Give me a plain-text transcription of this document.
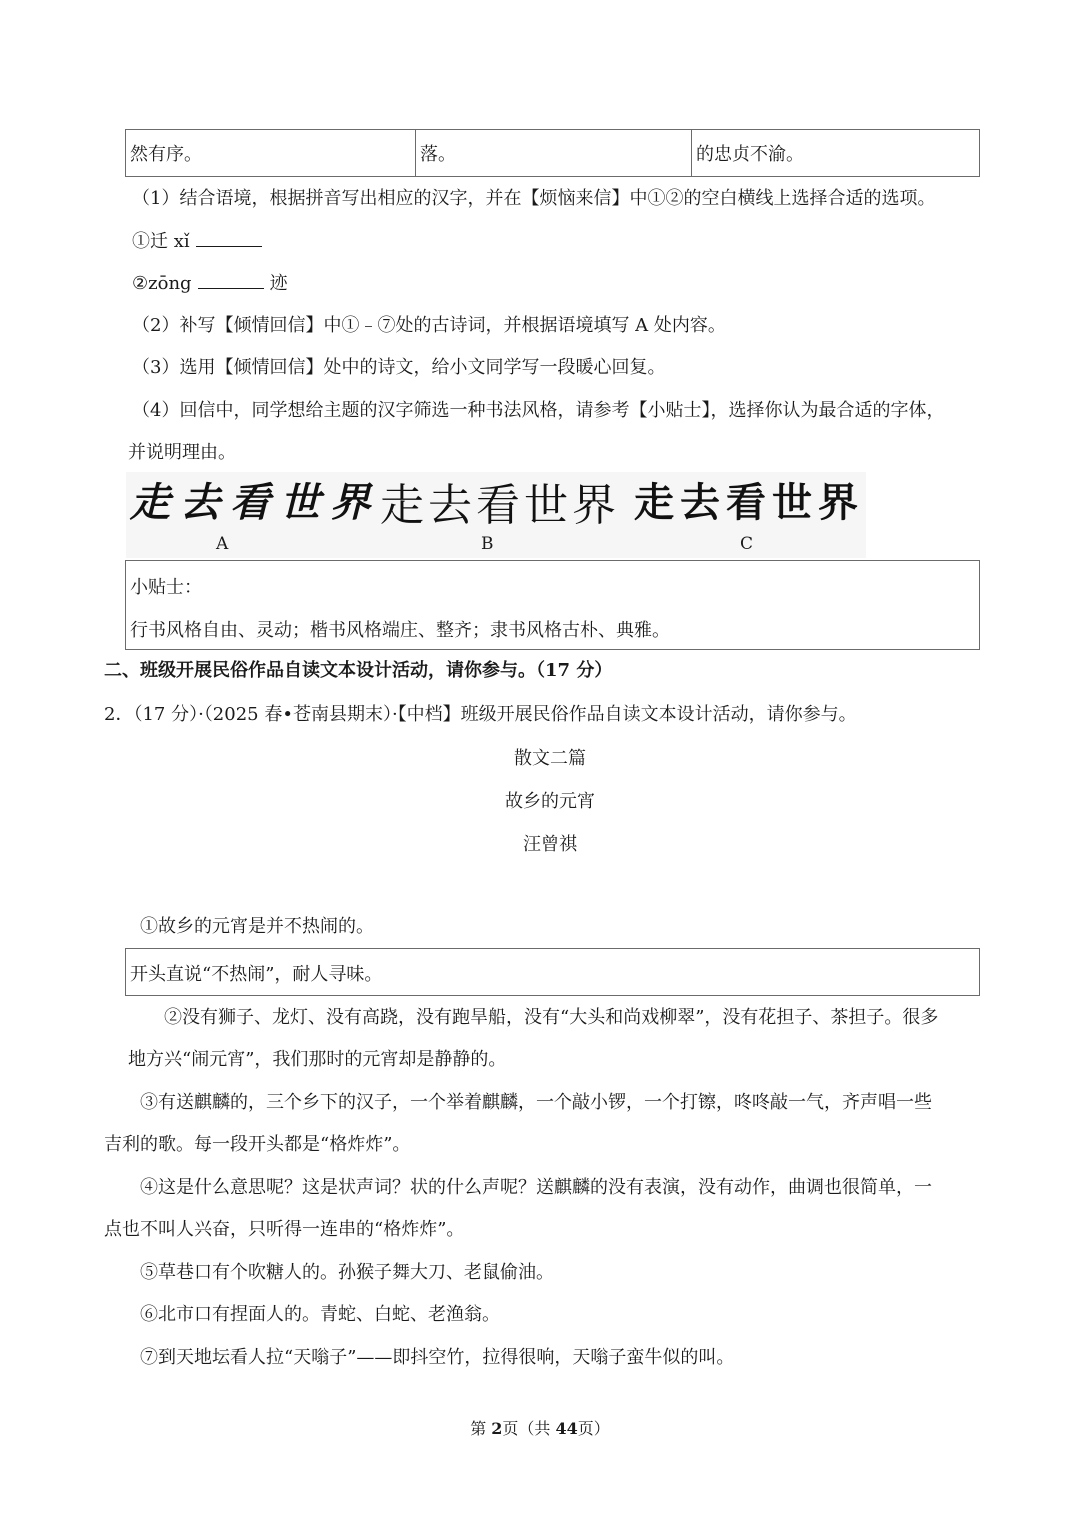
然有序。	落。	的忠贞不渝。
（1）结合语境，根据拼音写出相应的汉字，并在【烦恼来信】中①②的空白横线上选择合适的选项。
①迁 xǐ
②zōng	迹
（2）补写【倾情回信】中①﹣⑦处的古诗词，并根据语境填写 A 处内容。
（3）选用【倾情回信】处中的诗文，给小文同学写一段暖心回复。
（4）回信中，同学想给主题的汉字筛选一种书法风格，请参考【小贴士】，选择你认为最合适的字体，
并说明理由。
走去看世界 走去看世界 走去看世界
A	B	C
小贴士：
行书风格自由、灵动；楷书风格端庄、整齐；隶书风格古朴、典雅。
二、班级开展民俗作品自读文本设计活动，请你参与。（17 分）
2．（17 分）·（2025 春•苍南县期末）·【中档】班级开展民俗作品自读文本设计活动，请你参与。
散文二篇
故乡的元宵
汪曾祺
①故乡的元宵是并不热闹的。
开头直说“不热闹”，耐人寻味。
②没有狮子、龙灯、没有高跷，没有跑旱船，没有“大头和尚戏柳翠”，没有花担子、茶担子。很多
地方兴“闹元宵”，我们那时的元宵却是静静的。
③有送麒麟的，三个乡下的汉子，一个举着麒麟，一个敲小锣，一个打镲，咚咚敲一气，齐声唱一些
吉利的歌。每一段开头都是“格炸炸”。
④这是什么意思呢？这是状声词？状的什么声呢？送麒麟的没有表演，没有动作，曲调也很简单，一
点也不叫人兴奋，只听得一连串的“格炸炸”。
⑤草巷口有个吹糖人的。孙猴子舞大刀、老鼠偷油。
⑥北市口有捏面人的。青蛇、白蛇、老渔翁。
⑦到天地坛看人拉“天嗡子”——即抖空竹，拉得很响，天嗡子蛮牛似的叫。
第 2页（共 44页）
